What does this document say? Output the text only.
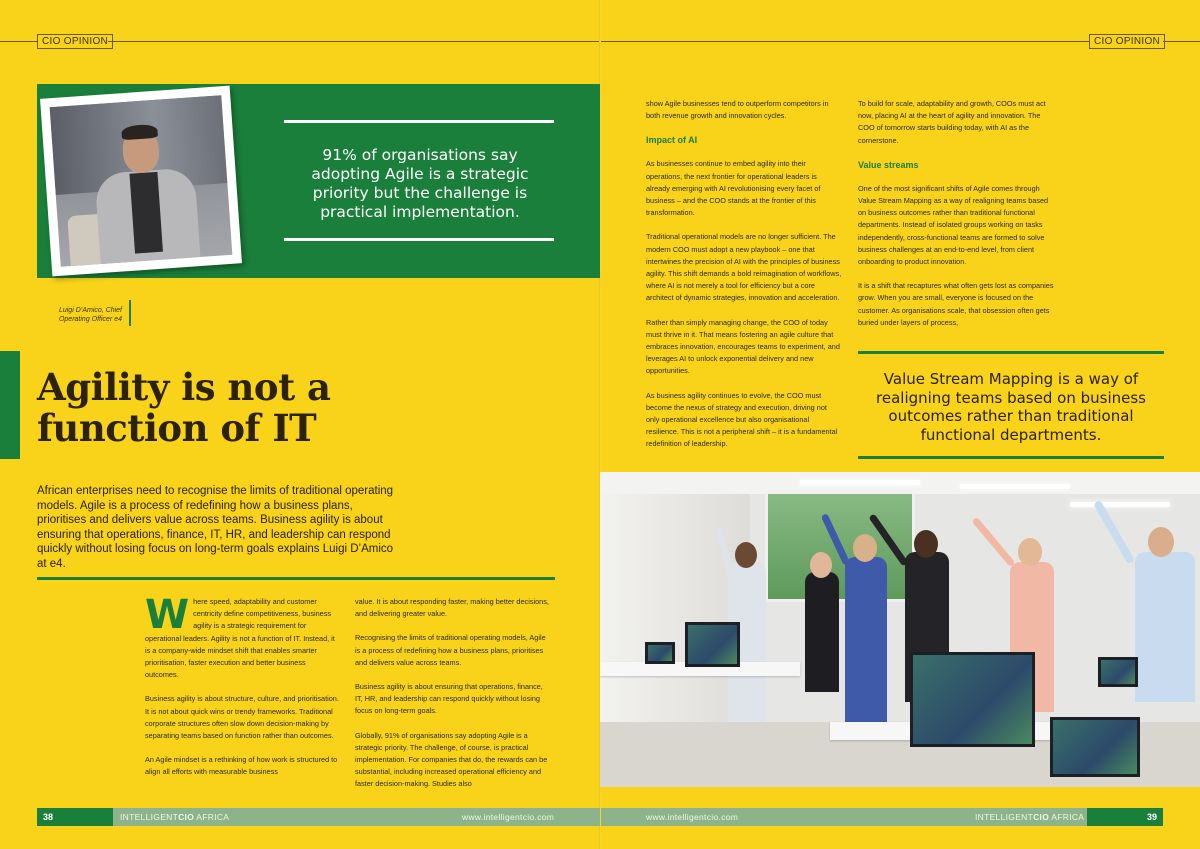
CIO OPINION	CIO OPINION
91% of organisations say adopting Agile is a strategic priority but the challenge is practical implementation.
Luigi D’Amico, Chief Operating Officer e4
Agility is not a function of IT

African enterprises need to recognise the limits of traditional operating models. Agile is a process of redefining how a business plans, prioritises and delivers value across teams. Business agility is about ensuring that operations, finance, IT, HR, and leadership can respond quickly without losing focus on long-term goals explains Luigi D’Amico at e4.

Where speed, adaptability and customer centricity define competitiveness, business agility is a strategic requirement for operational leaders. Agility is not a function of IT. Instead, it is a company-wide mindset shift that enables smarter prioritisation, faster execution and better business outcomes.

Business agility is about structure, culture, and prioritisation. It is not about quick wins or trendy frameworks. Traditional corporate structures often slow down decision-making by separating teams based on function rather than outcomes.

An Agile mindset is a rethinking of how work is structured to align all efforts with measurable business

value. It is about responding faster, making better decisions, and delivering greater value.

Recognising the limits of traditional operating models, Agile is a process of redefining how a business plans, prioritises and delivers value across teams.

Business agility is about ensuring that operations, finance, IT, HR, and leadership can respond quickly without losing focus on long-term goals.

Globally, 91% of organisations say adopting Agile is a strategic priority. The challenge, of course, is practical implementation. For companies that do, the rewards can be substantial, including increased operational efficiency and faster decision-making. Studies also

show Agile businesses tend to outperform competitors in both revenue growth and innovation cycles.

Impact of AI

As businesses continue to embed agility into their operations, the next frontier for operational leaders is already emerging with AI revolutionising every facet of business – and the COO stands at the frontier of this transformation.

Traditional operational models are no longer sufficient. The modern COO must adopt a new playbook – one that intertwines the precision of AI with the principles of business agility. This shift demands a bold reimagination of workflows, where AI is not merely a tool for efficiency but a core architect of dynamic strategies, innovation and acceleration.

Rather than simply managing change, the COO of today must thrive in it. That means fostering an agile culture that embraces innovation, encourages teams to experiment, and leverages AI to unlock exponential delivery and new opportunities.

As business agility continues to evolve, the COO must become the nexus of strategy and execution, driving not only operational excellence but also organisational resilience. This is not a peripheral shift – it is a fundamental redefinition of leadership.

To build for scale, adaptability and growth, COOs must act now, placing AI at the heart of agility and innovation. The COO of tomorrow starts building today, with AI as the cornerstone.

Value streams

One of the most significant shifts of Agile comes through Value Stream Mapping as a way of realigning teams based on business outcomes rather than traditional functional departments. Instead of isolated groups working on tasks independently, cross-functional teams are formed to solve business challenges at an end-to-end level, from client onboarding to product innovation.

It is a shift that recaptures what often gets lost as companies grow. When you are small, everyone is focused on the customer. As organisations scale, that obsession often gets buried under layers of process,

Value Stream Mapping is a way of realigning teams based on business outcomes rather than traditional functional departments.
38	INTELLIGENTCIO AFRICA	www.intelligentcio.com	39
www.intelligentcio.com	INTELLIGENTCIO AFRICA
